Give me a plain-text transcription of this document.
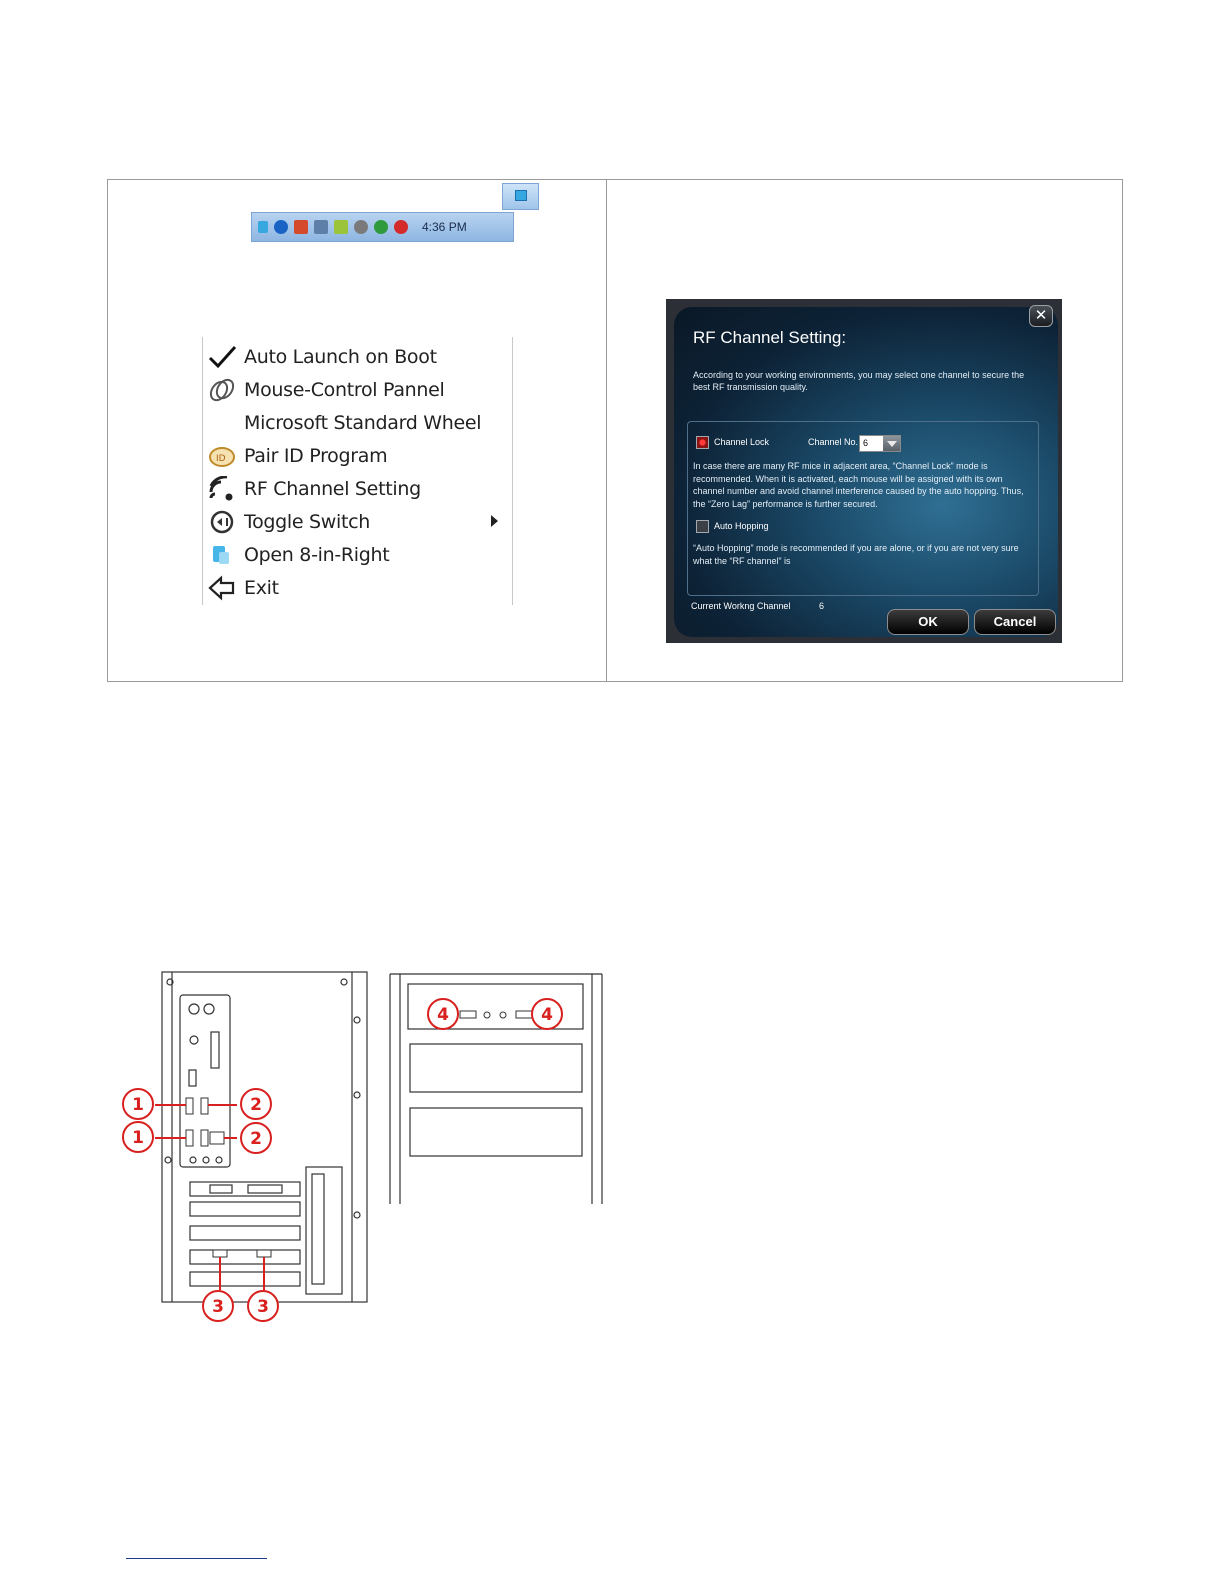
4:36 PM
Auto Launch on Boot
Mouse-Control Pannel
Microsoft Standard Wheel
ID Pair ID Program
RF Channel Setting
Toggle Switch
Open 8-in-Right
Exit
RF Channel Setting:
According to your working environments, you may select one channel to secure the best RF transmission quality.
Channel Lock	Channel No. 6
In case there are many RF mice in adjacent area, “Channel Lock” mode is recommended. When it is activated, each mouse will be assigned with its own channel number and avoid channel interference caused by the auto hopping. Thus, the “Zero Lag” performance is further secured.
Auto Hopping
“Auto Hopping” mode is recommended if you are alone, or if you are not very sure what the “RF channel” is
Current Workng Channel	6
✕
OK	Cancel
1
1
2
2
3 3
4	4
